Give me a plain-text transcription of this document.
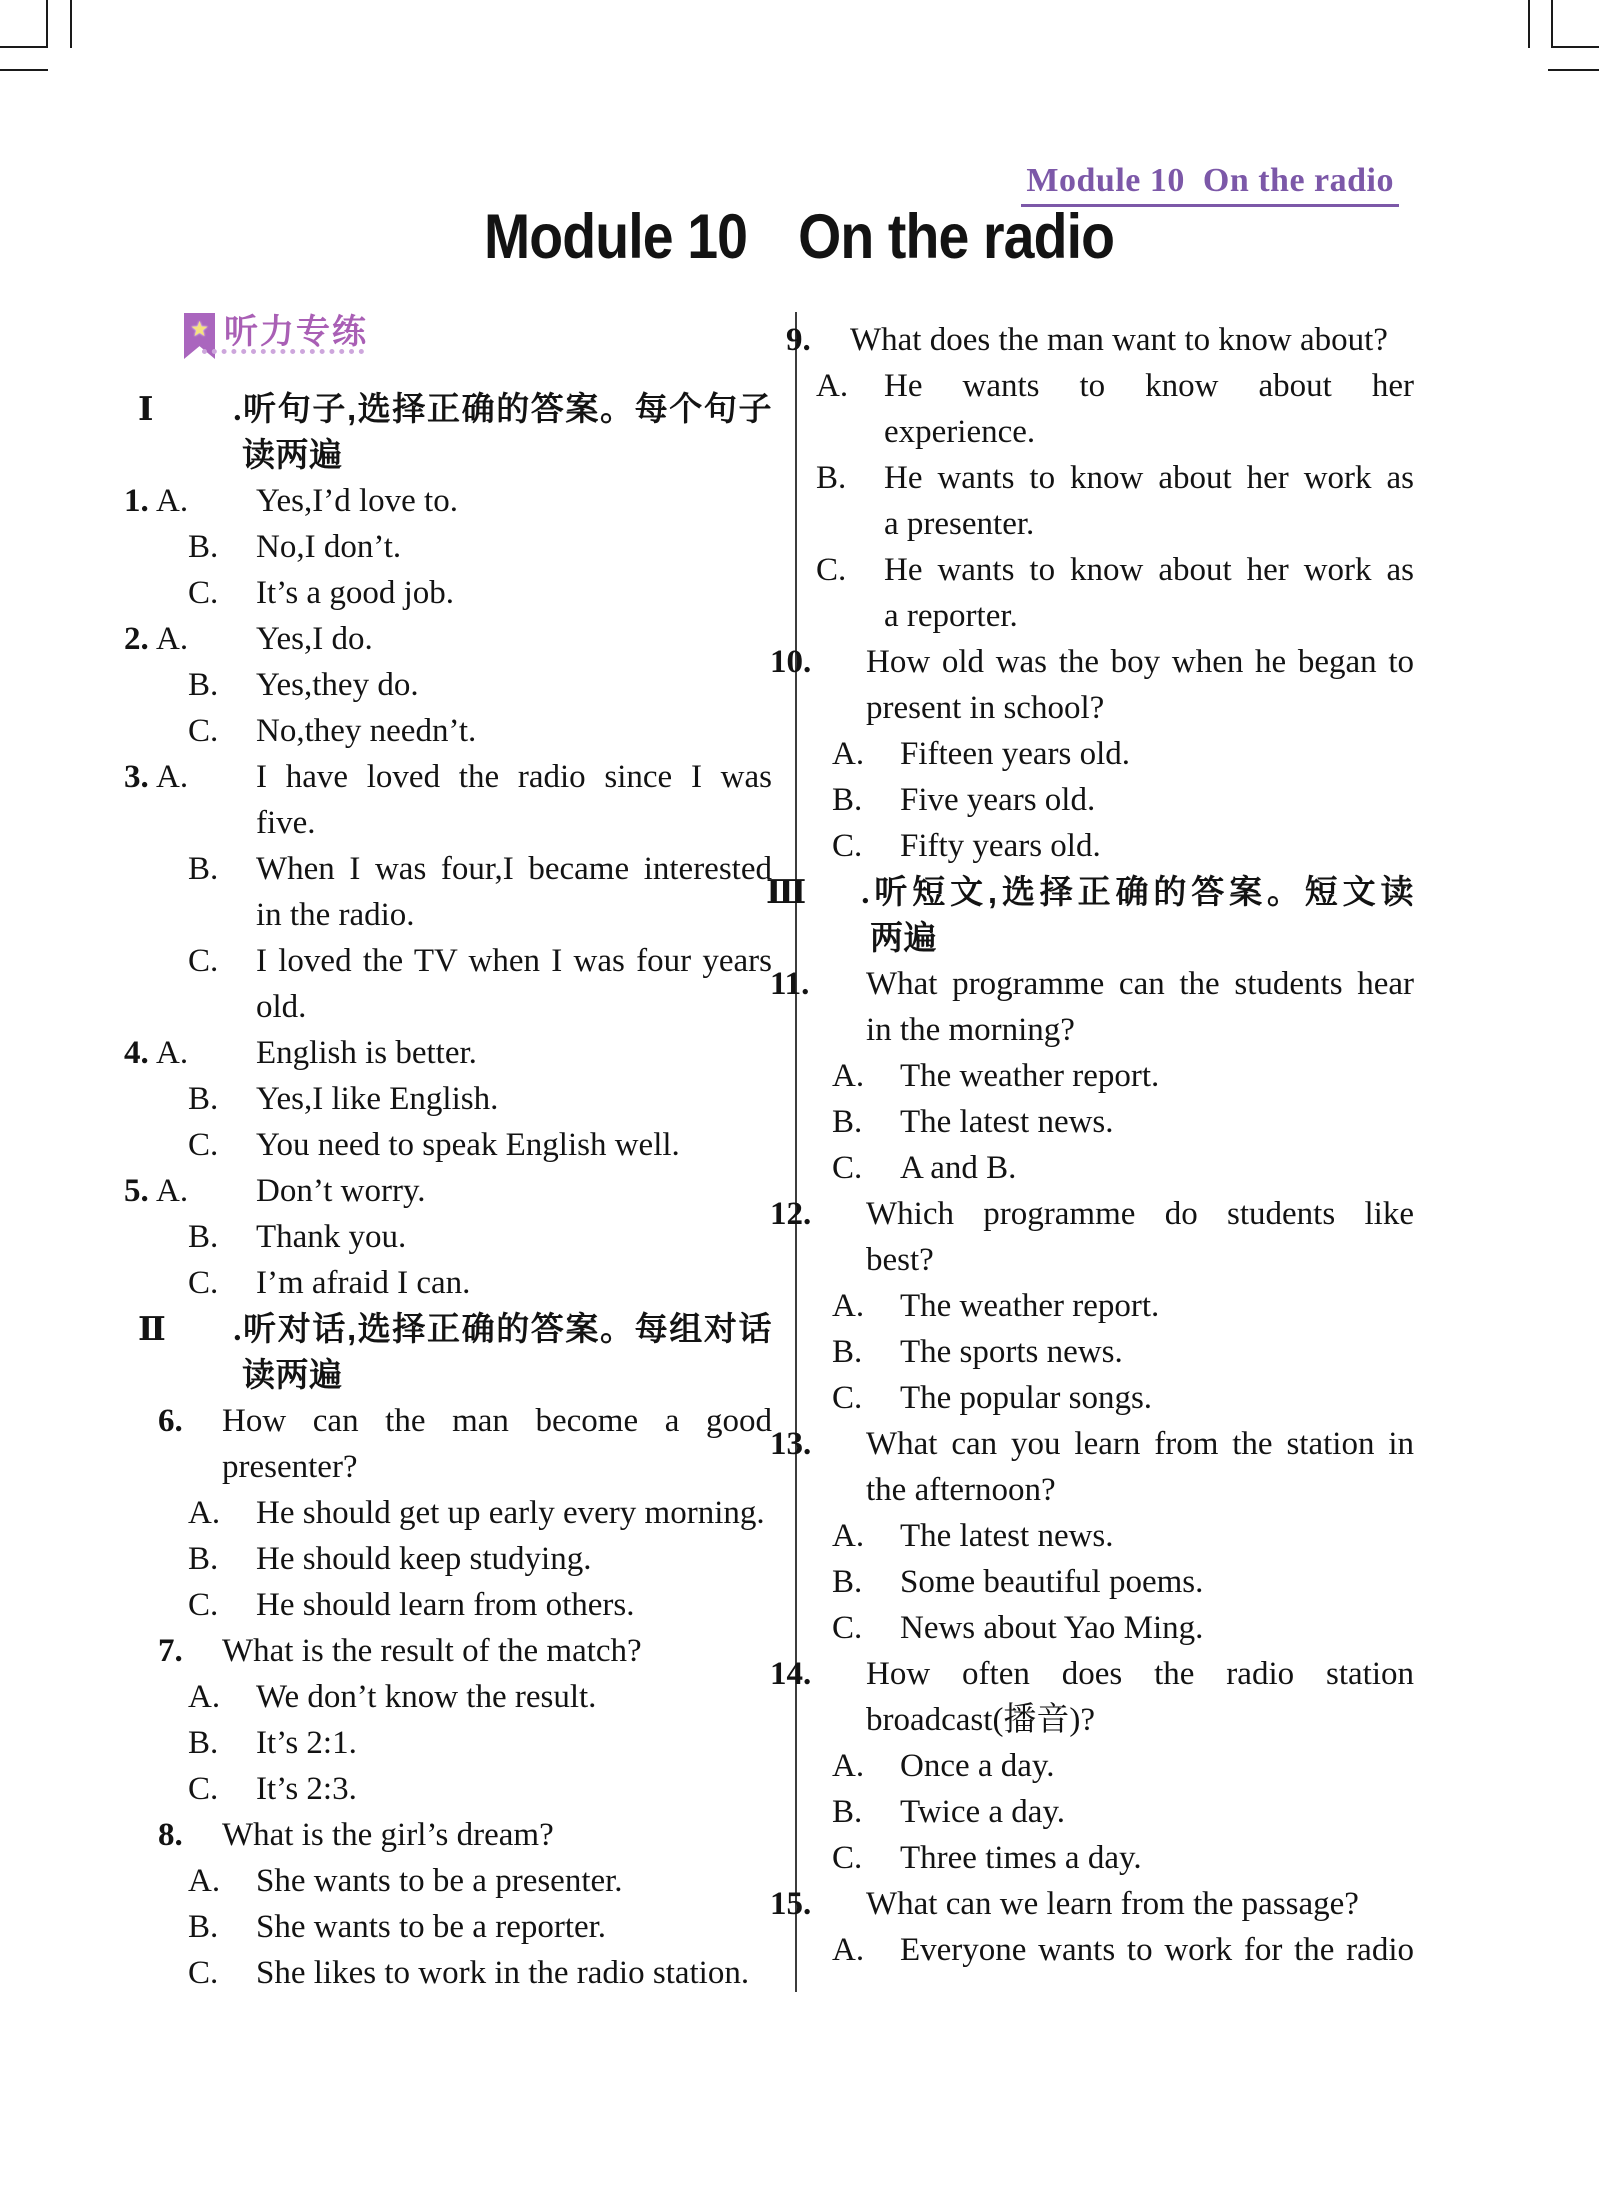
Module 10  On the radio
Module 10 On the radio
★ 听力专练
Ⅰ.听句子,选择正确的答案。每个句子
读两遍
1. A. Yes,I’d love to.
B. No,I don’t.
C. It’s a good job.
2. A. Yes,I do.
B. Yes,they do.
C. No,they needn’t.
3. A. I have loved the radio since I was
five.
B. When I was four,I became interested
in the radio.
C. I loved the TV when I was four years
old.
4. A. English is better.
B. Yes,I like English.
C. You need to speak English well.
5. A. Don’t worry.
B. Thank you.
C. I’m afraid I can.
Ⅱ.听对话,选择正确的答案。每组对话
读两遍
6. How can the man become a good
presenter?
A. He should get up early every morning.
B. He should keep studying.
C. He should learn from others.
7. What is the result of the match?
A. We don’t know the result.
B. It’s 2:1.
C. It’s 2:3.
8. What is the girl’s dream?
A. She wants to be a presenter.
B. She wants to be a reporter.
C. She likes to work in the radio station.
9. What does the man want to know about?
A. He wants to know about her
experience.
B. He wants to know about her work as
a presenter.
C. He wants to know about her work as
a reporter.
10. How old was the boy when he began to
present in school?
A. Fifteen years old.
B. Five years old.
C. Fifty years old.
Ⅲ.听短文,选择正确的答案。短文读
两遍
11. What programme can the students hear
in the morning?
A. The weather report.
B. The latest news.
C. A and B.
12. Which programme do students like
best?
A. The weather report.
B. The sports news.
C. The popular songs.
13. What can you learn from the station in
the afternoon?
A. The latest news.
B. Some beautiful poems.
C. News about Yao Ming.
14. How often does the radio station
broadcast(播音)?
A. Once a day.
B. Twice a day.
C. Three times a day.
15. What can we learn from the passage?
A. Everyone wants to work for the radio
